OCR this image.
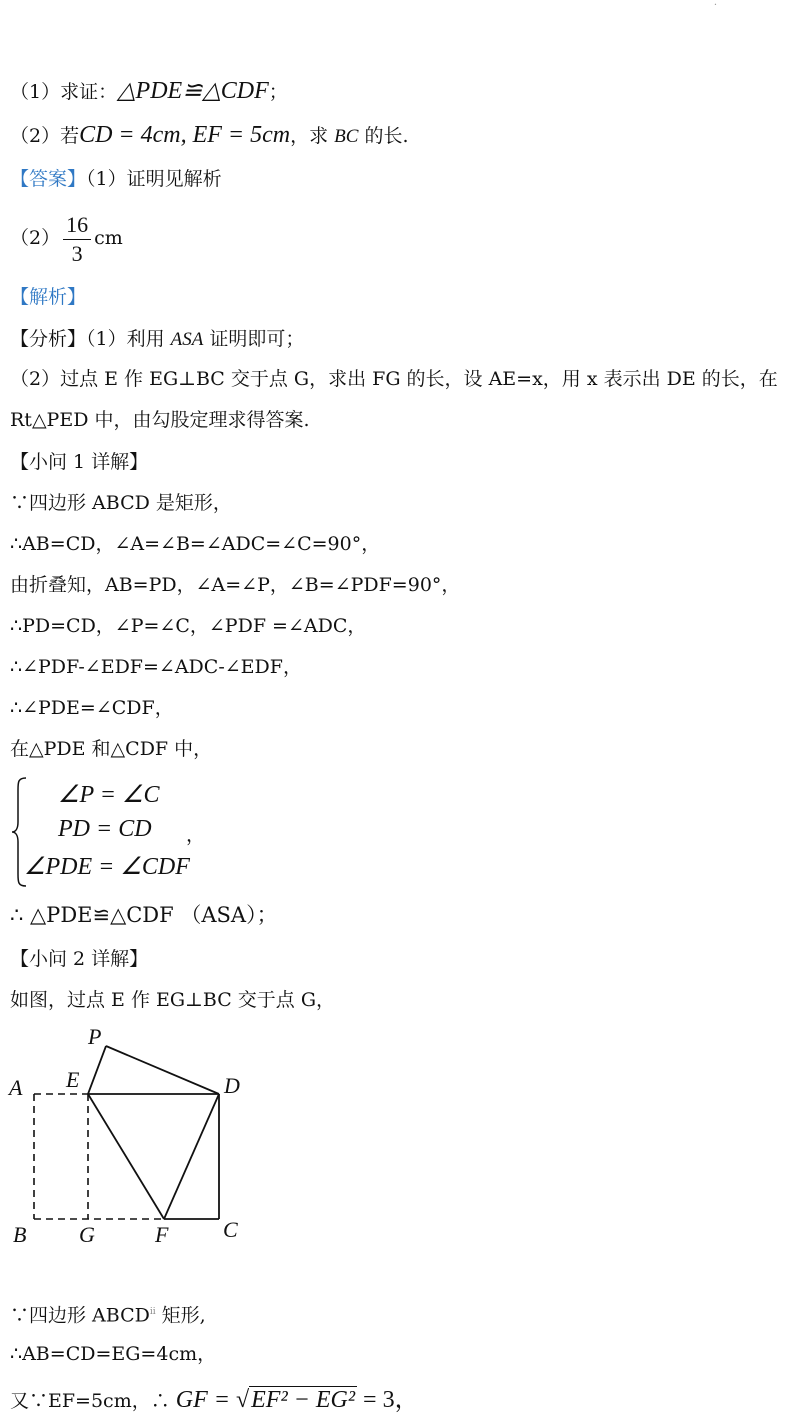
·
（1）求证：△PDE≌△CDF；
（2）若CD = 4cm, EF = 5cm，求 BC 的长.
【答案】（1）证明见解析
$(2) \frac{16}{3}$ cm
【解析】
【分析】（1）利用 ASA 证明即可；
（2）过点 E 作 EG⊥BC 交于点 G，求出 FG 的长，设 AE=x，用 x 表示出 DE 的长，在
Rt△PED 中，由勾股定理求得答案.
【小问 1 详解】
∵四边形 ABCD 是矩形，
∴AB=CD，∠A=∠B=∠ADC=∠C=90°，
由折叠知，AB=PD，∠A=∠P，∠B=∠PDF=90°，
∴PD=CD，∠P=∠C，∠PDF =∠ADC，
∴∠PDF-∠EDF=∠ADC-∠EDF，
∴∠PDE=∠CDF，
在△PDE 和△CDF 中，
∠P = ∠C
PD = CD
∠PDE = ∠CDF
，
∴ △PDE≌△CDF （ASA）；
【小问 2 详解】
如图，过点 E 作 EG⊥BC 交于点 G，
P
A E	D
B G	F C
∵四边形 $ABCD^ⅱ$ 矩形,
∴AB=CD=EG=4cm，
又∵EF=5cm，∴ GF = √EF² − EG² = 3，
